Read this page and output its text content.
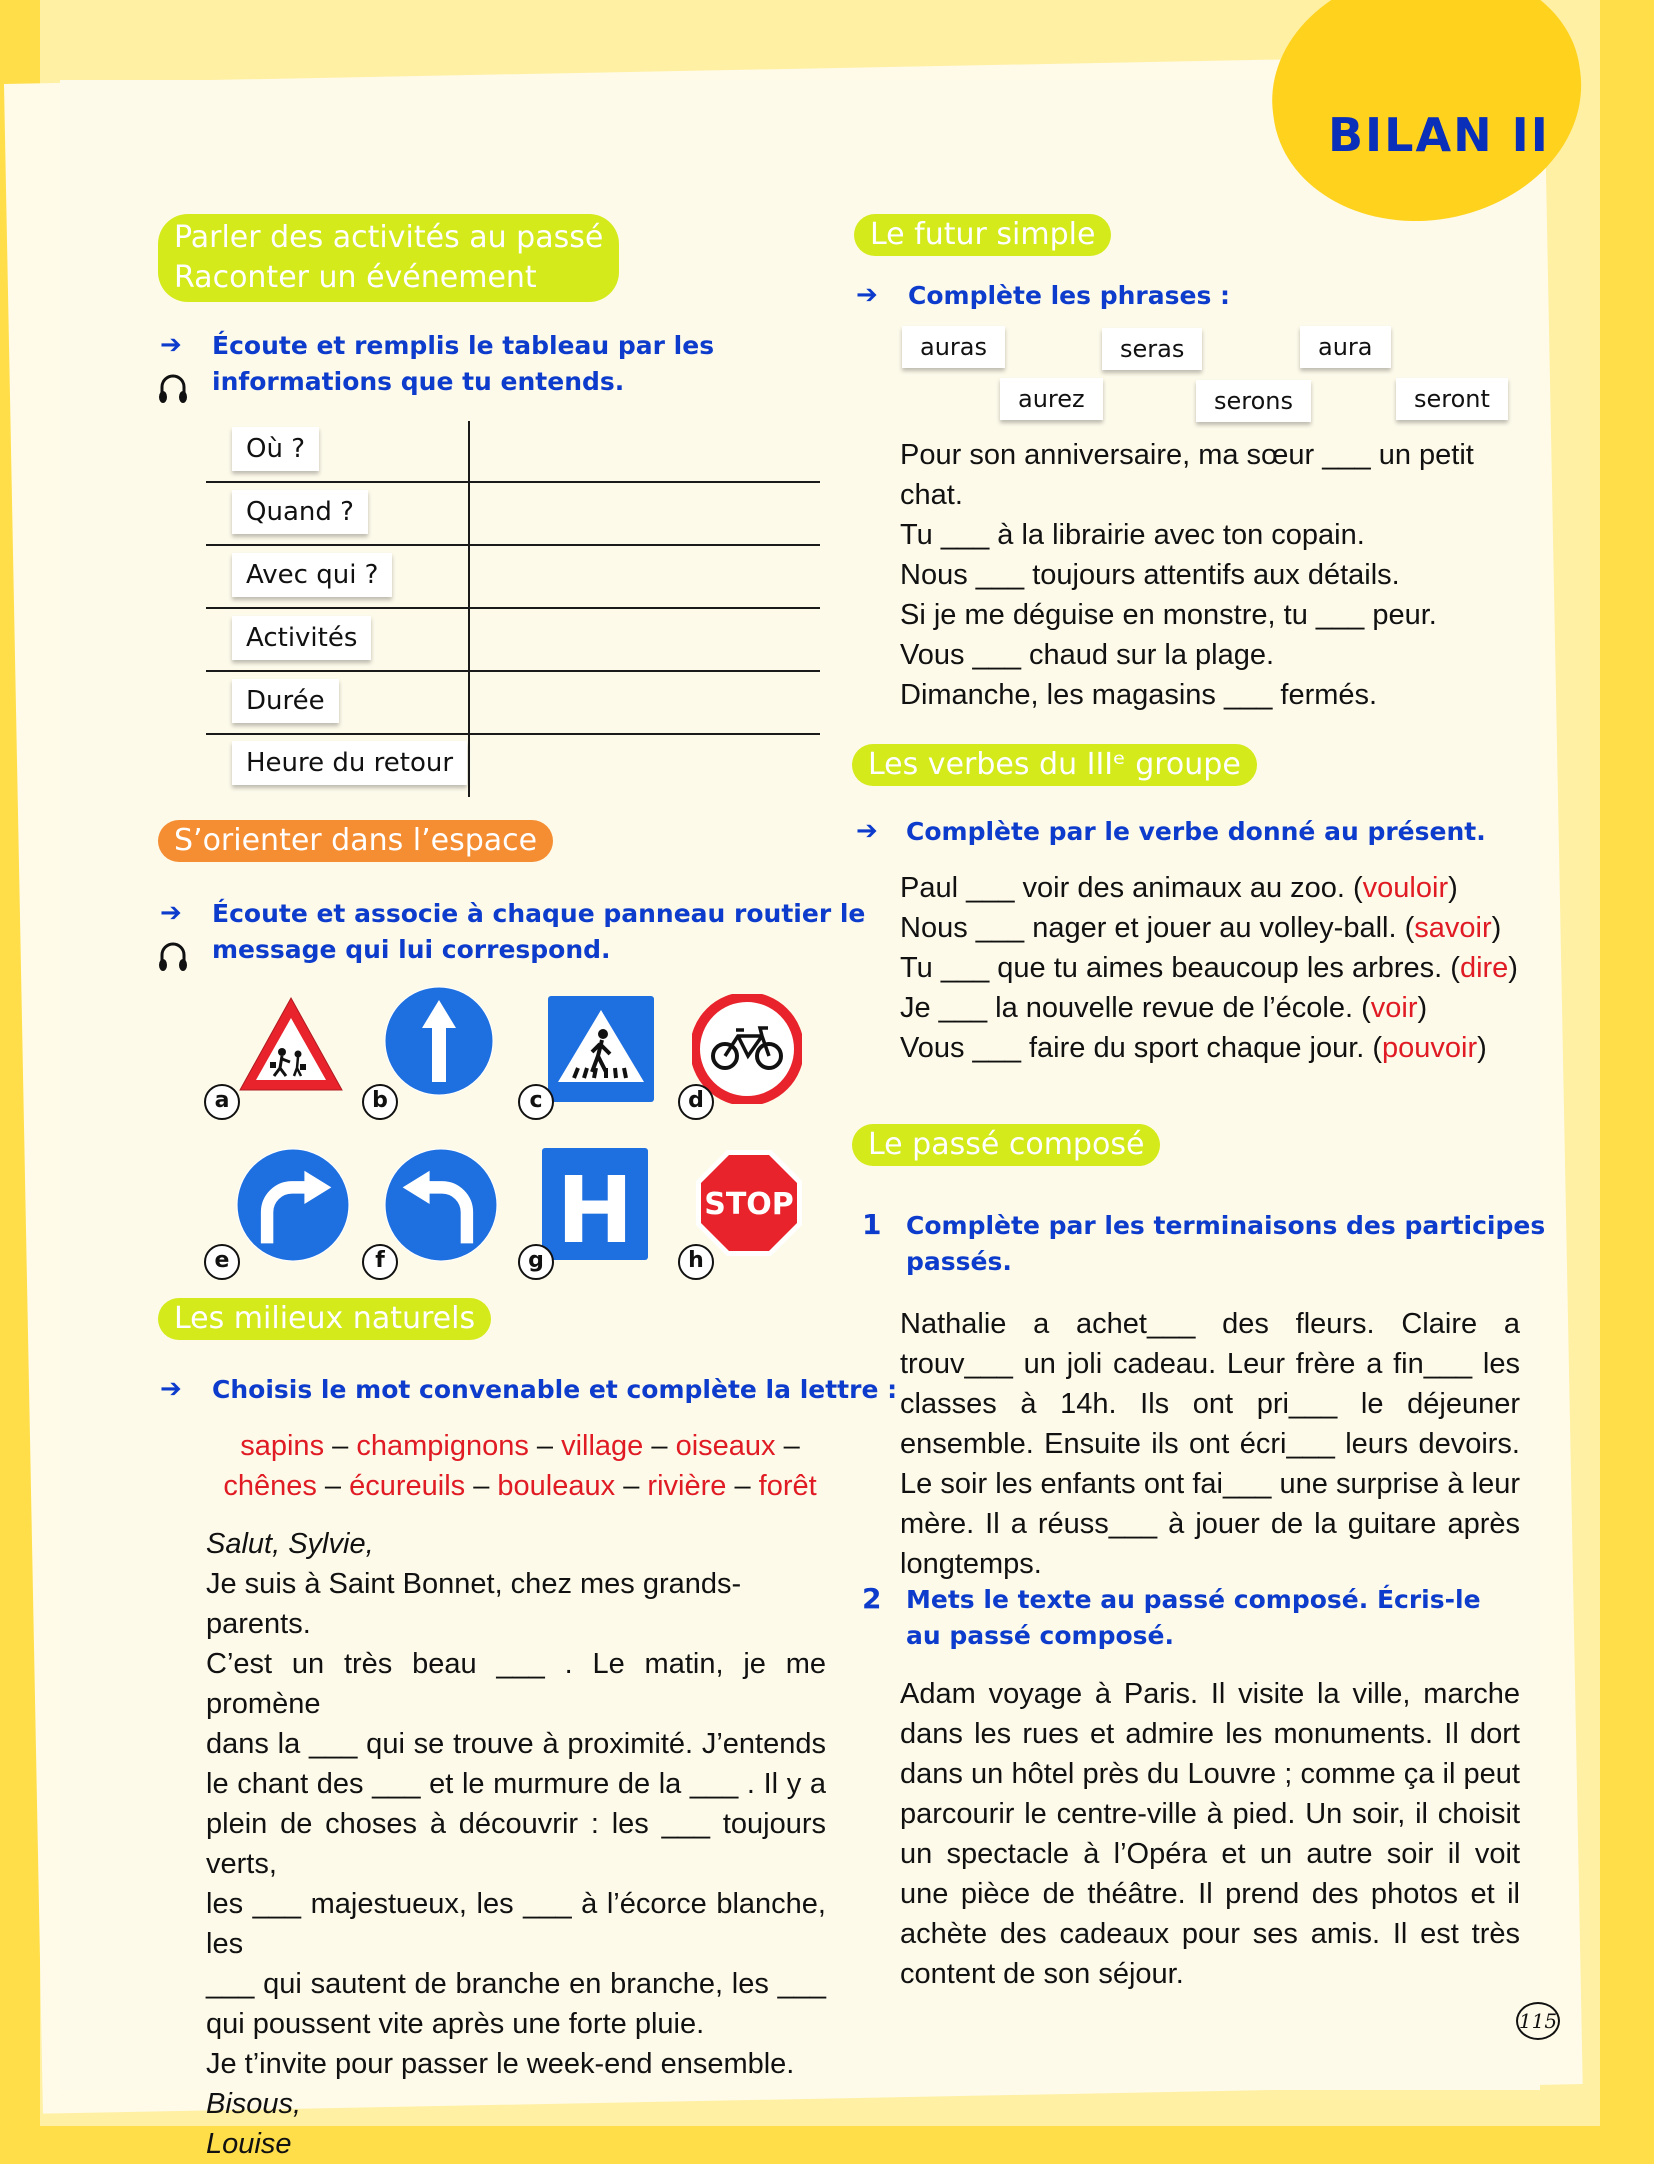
BILAN II
Parler des activités au passé
Raconter un événement
➔ Écoute et remplis le tableau par les
informations que tu entends.
Où ?
Quand ?
Avec qui ?
Activités
Durée
Heure du retour
S’orienter dans l’espace
➔ Écoute et associe à chaque panneau routier le
message qui lui correspond.
a	b	c	d
H STOP
e	f	g	h
Les milieux naturels
➔ Choisis le mot convenable et complète la lettre :
sapins – champignons – village – oiseaux –
chênes – écureuils – bouleaux – rivière – forêt
Salut, Sylvie,
Je suis à Saint Bonnet, chez mes grands-parents.
C’est un très beau ___ . Le matin, je me promène
dans la ___ qui se trouve à proximité. J’entends
le chant des ___ et le murmure de la ___ . Il y a
plein de choses à découvrir : les ___ toujours verts,
les ___ majestueux, les ___ à l’écorce blanche, les
___ qui sautent de branche en branche, les ___
qui poussent vite après une forte pluie.
Je t’invite pour passer le week-end ensemble.
Bisous,
Louise
Le futur simple
➔ Complète les phrases :
auras	seras	aura
aurez	serons	seront
Pour son anniversaire, ma sœur ___ un petit
chat.
Tu ___ à la librairie avec ton copain.
Nous ___ toujours attentifs aux détails.
Si je me déguise en monstre, tu ___ peur.
Vous ___ chaud sur la plage.
Dimanche, les magasins ___ fermés.
Les verbes du IIIᵉ groupe
➔ Complète par le verbe donné au présent.
Paul ___ voir des animaux au zoo. (vouloir)
Nous ___ nager et jouer au volley-ball. (savoir)
Tu ___ que tu aimes beaucoup les arbres. (dire)
Je ___ la nouvelle revue de l’école. (voir)
Vous ___ faire du sport chaque jour. (pouvoir)
Le passé composé
1 Complète par les terminaisons des participes
passés.
Nathalie a achet___ des fleurs. Claire a trouv___ un joli cadeau. Leur frère a fin___ les classes à 14h. Ils ont pri___ le déjeuner ensemble. Ensuite ils ont écri___ leurs devoirs. Le soir les enfants ont fai___ une surprise à leur mère. Il a réuss___ à jouer de la guitare après longtemps.
2 Mets le texte au passé composé. Écris-le
au passé composé.
Adam voyage à Paris. Il visite la ville, marche dans les rues et admire les monuments. Il dort dans un hôtel près du Louvre ; comme ça il peut parcourir le centre-ville à pied. Un soir, il choisit un spectacle à l’Opéra et un autre soir il voit une pièce de théâtre. Il prend des photos et il achète des cadeaux pour ses amis. Il est très content de son séjour.
115
